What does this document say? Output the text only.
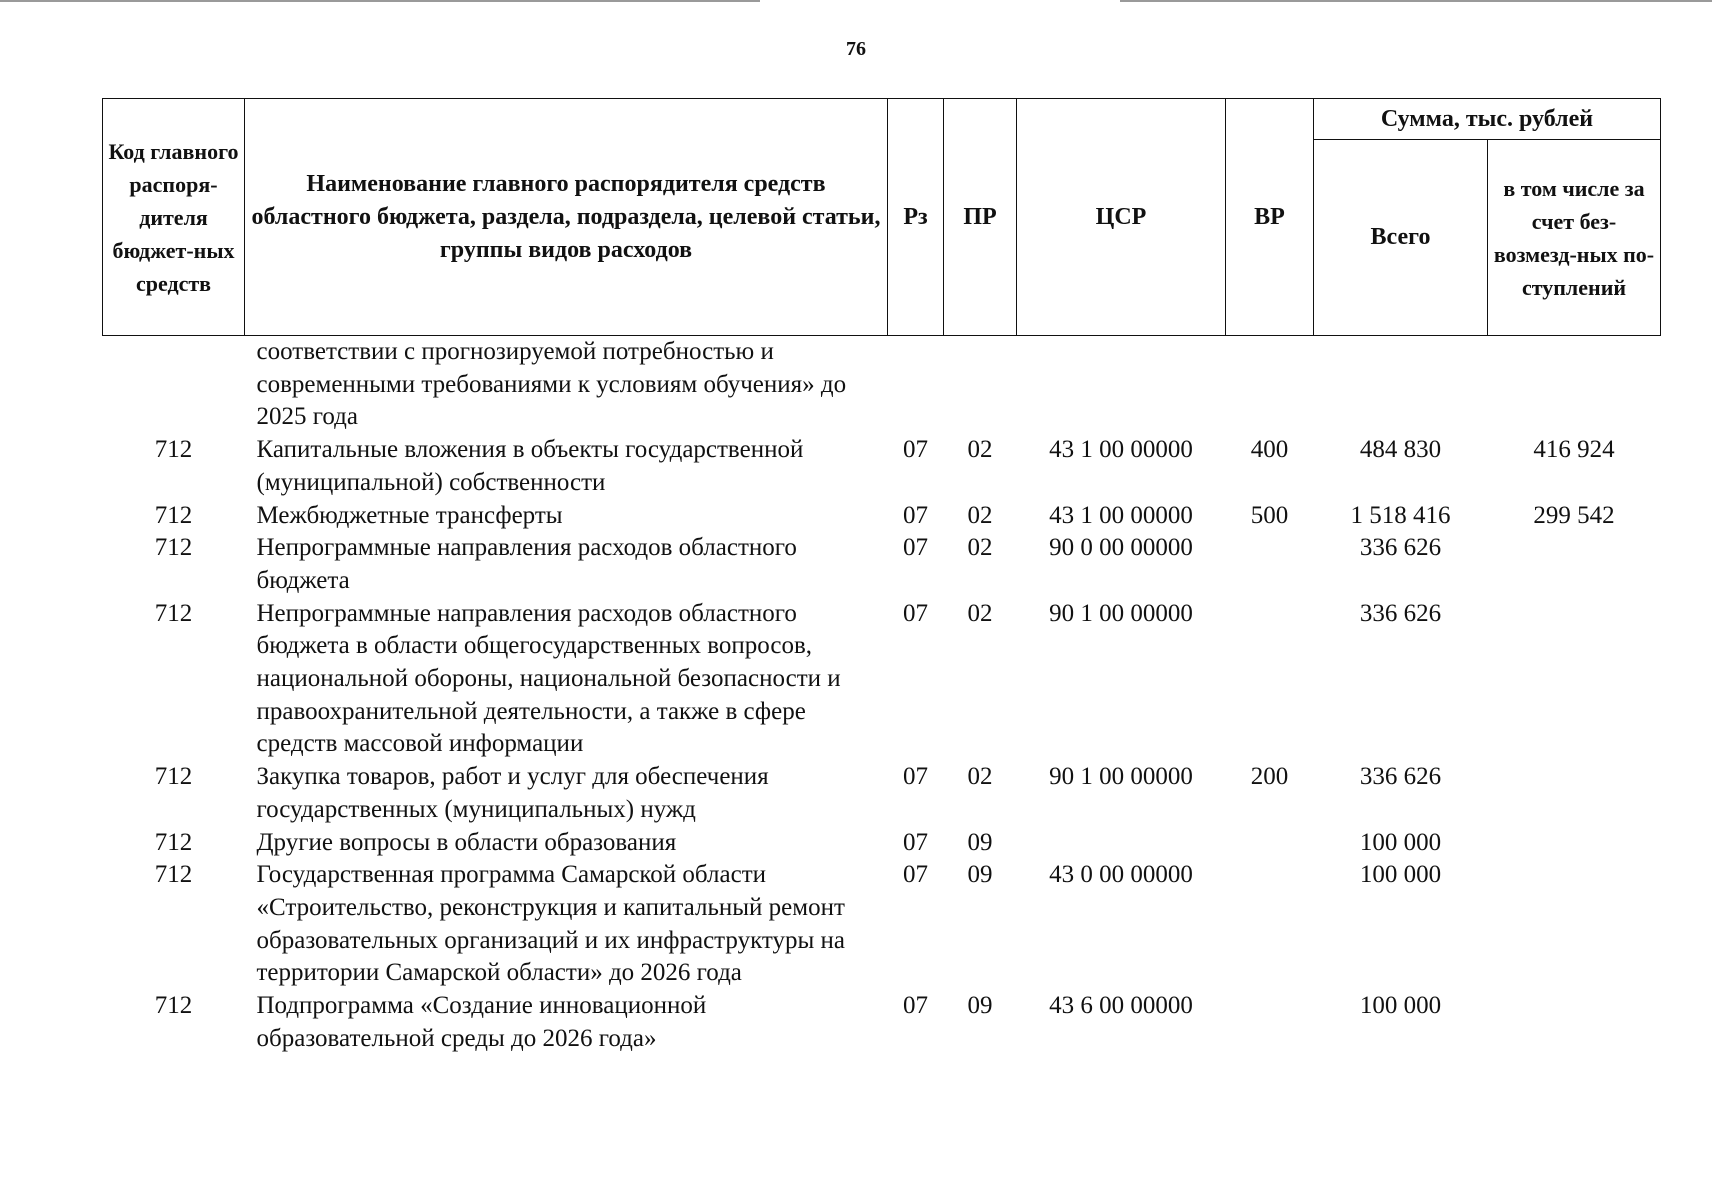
76
Код главного распоря-дителя бюджет-ных средств	Наименование главного распорядителя средств областного бюджета, раздела, подраздела, целевой статьи, группы видов расходов	Рз	ПР	ЦСР	ВР	Сумма, тыс. рублей	
						Всего	в том числе за счет без-возмезд-ных по-ступлений
	соответствии с прогнозируемой потребностью и современными требованиями к условиям обучения» до 2025 года						
712	Капитальные вложения в объекты государственной (муниципальной) собственности	07	02	43 1 00 00000	400	484 830	416 924
712	Межбюджетные трансферты	07	02	43 1 00 00000	500	1 518 416	299 542
712	Непрограммные направления расходов областного бюджета	07	02	90 0 00 00000		336 626	
712	Непрограммные направления расходов областного бюджета в области общегосударственных вопросов, национальной обороны, национальной безопасности и правоохранительной деятельности, а также в сфере средств массовой информации	07	02	90 1 00 00000		336 626	
712	Закупка товаров, работ и услуг для обеспечения государственных (муниципальных) нужд	07	02	90 1 00 00000	200	336 626	
712	Другие вопросы в области образования	07	09			100 000	
712	Государственная программа Самарской области «Строительство, реконструкция и капитальный ремонт образовательных организаций и их инфраструктуры на территории Самарской области» до 2026 года	07	09	43 0 00 00000		100 000	
712	Подпрограмма «Создание инновационной образовательной среды до 2026 года»	07	09	43 6 00 00000		100 000	
